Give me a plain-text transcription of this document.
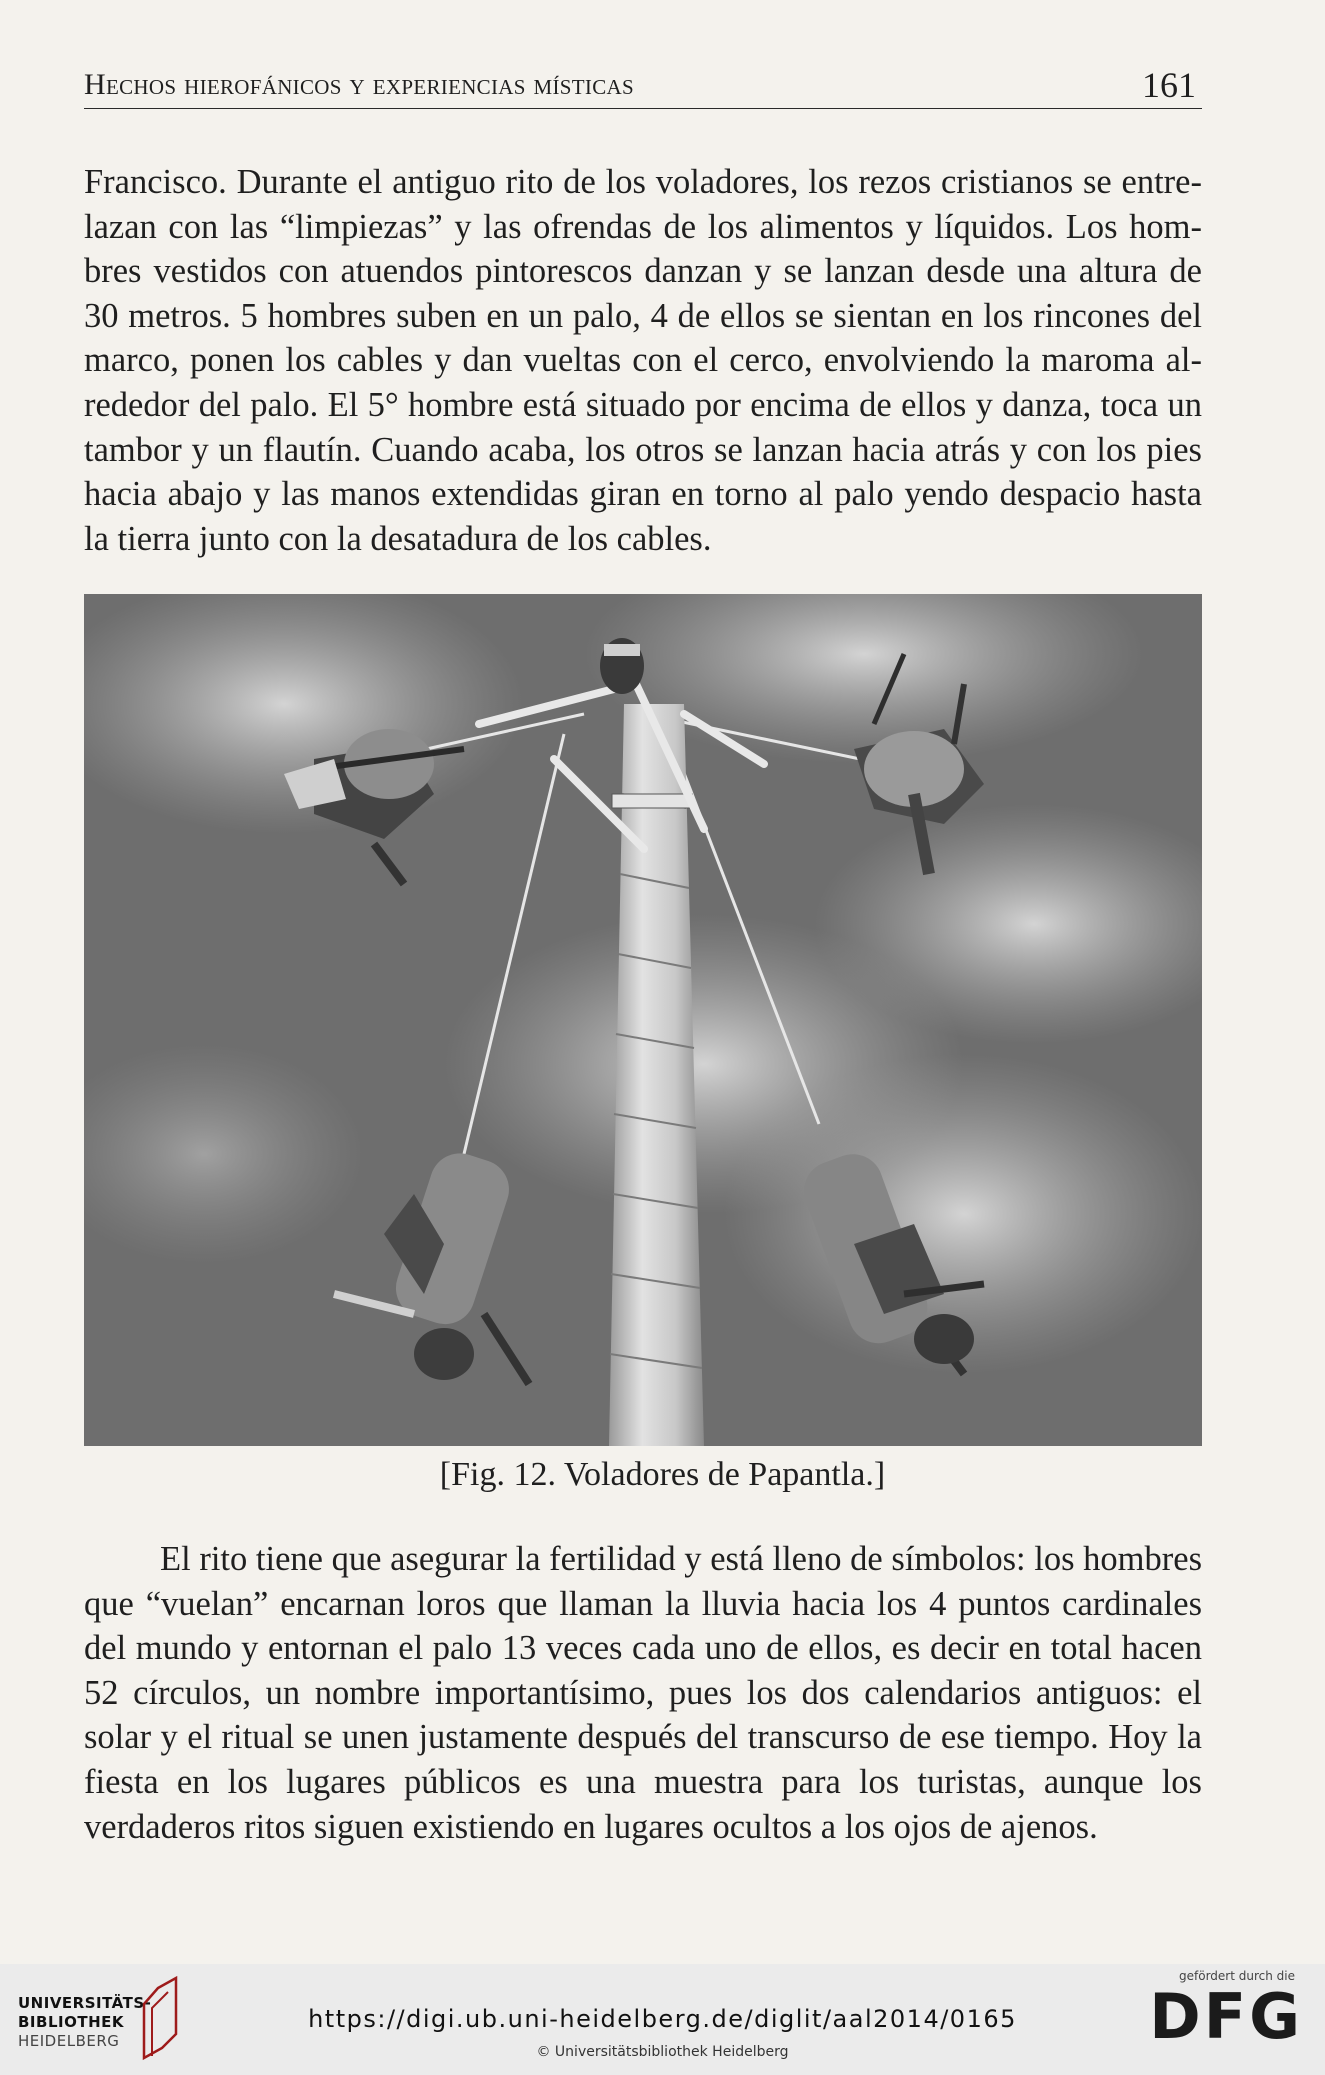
Hechos hierofánicos y experiencias místicas	161

Francisco. Durante el antiguo rito de los voladores, los rezos cristianos se entrelazan con las “limpiezas” y las ofrendas de los alimentos y líquidos. Los hombres vestidos con atuendos pintorescos danzan y se lanzan desde una altura de 30 metros. 5 hombres suben en un palo, 4 de ellos se sientan en los rincones del marco, ponen los cables y dan vueltas con el cerco, envolviendo la maroma alrededor del palo. El 5° hombre está situado por encima de ellos y danza, toca un tambor y un flautín. Cuando acaba, los otros se lanzan hacia atrás y con los pies hacia abajo y las manos extendidas giran en torno al palo yendo despacio hasta la tierra junto con la desatadura de los cables.

[Fig. 12. Voladores de Papantla.]

El rito tiene que asegurar la fertilidad y está lleno de símbolos: los hombres que “vuelan” encarnan loros que llaman la lluvia hacia los 4 puntos cardinales del mundo y entornan el palo 13 veces cada uno de ellos, es decir en total hacen 52 círculos, un nombre importantísimo, pues los dos calendarios antiguos: el solar y el ritual se unen justamente después del transcurso de ese tiempo. Hoy la fiesta en los lugares públicos es una muestra para los turistas, aunque los verdaderos ritos siguen existiendo en lugares ocultos a los ojos de ajenos.

UNIVERSITÄTS-
BIBLIOTHEK
HEIDELBERG
https://digi.ub.uni-heidelberg.de/diglit/aal2014/0165
© Universitätsbibliothek Heidelberg
gefördert durch die
DFG
